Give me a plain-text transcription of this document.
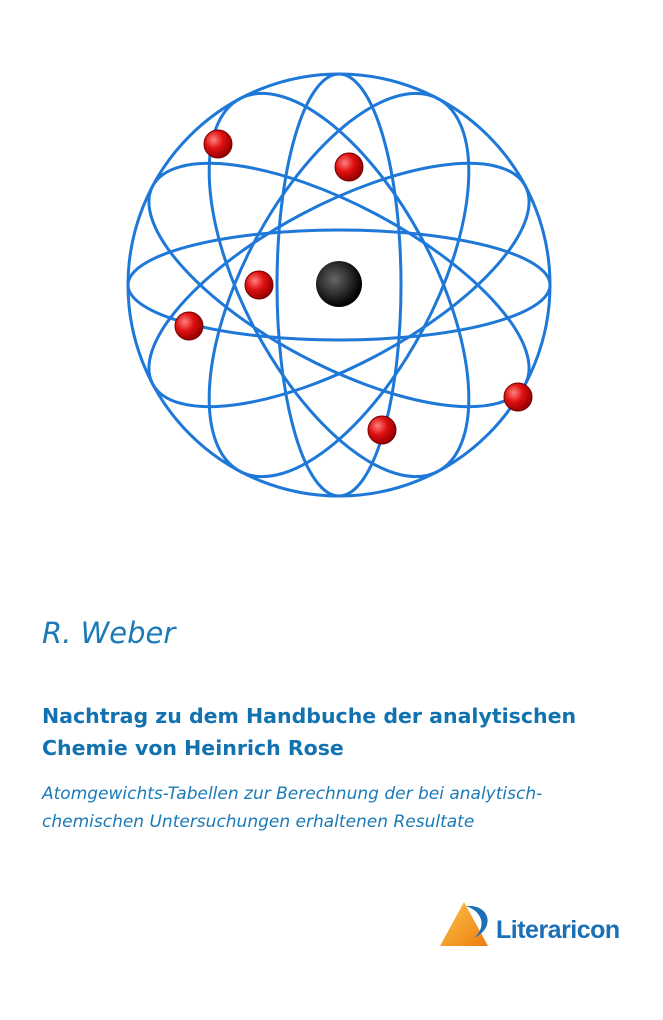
R. Weber
Nachtrag zu dem Handbuche der analytischen Chemie von Heinrich Rose
Atomgewichts-Tabellen zur Berechnung der bei analytisch-chemischen Untersuchungen erhaltenen Resultate
Literaricon
